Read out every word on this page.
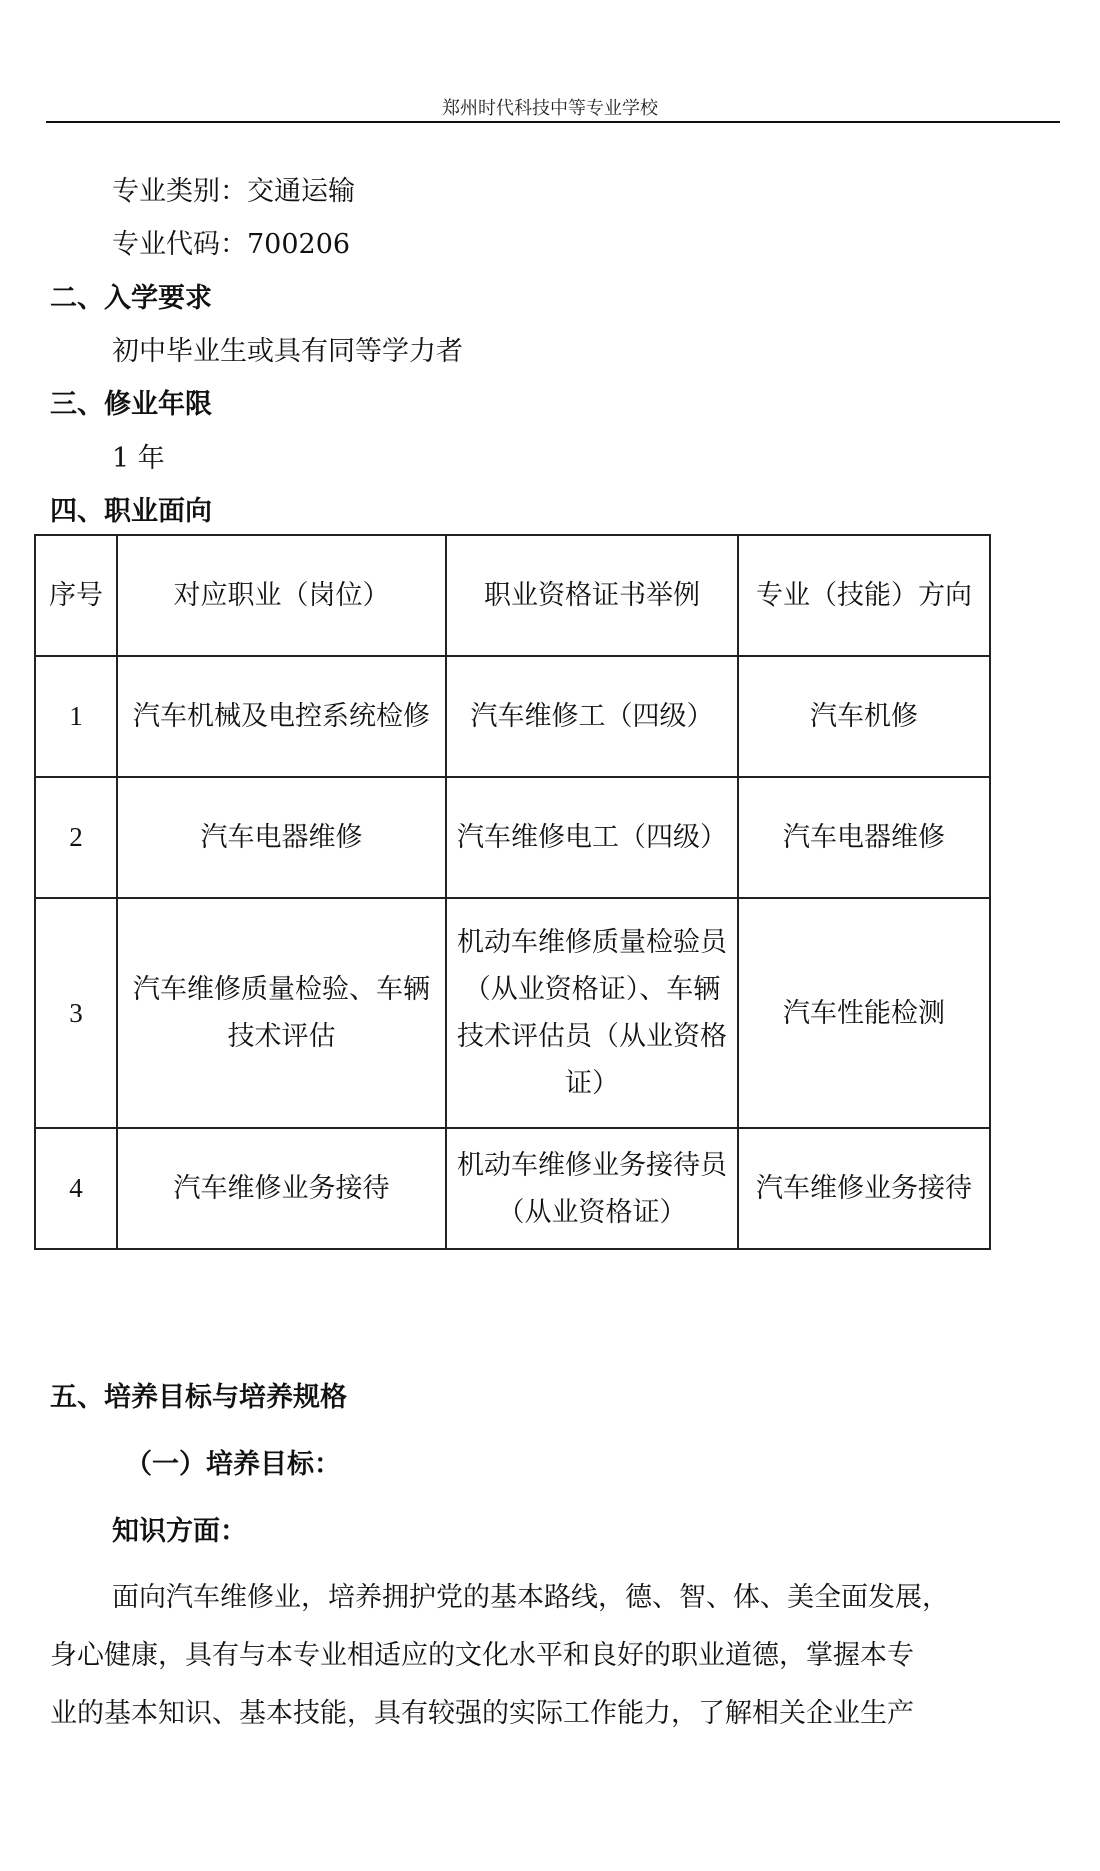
郑州时代科技中等专业学校
专业类别：交通运输
专业代码：700206
二、入学要求
初中毕业生或具有同等学力者
三、修业年限
1 年
四、职业面向
序号	对应职业（岗位）	职业资格证书举例	专业（技能）方向
1	汽车机械及电控系统检修	汽车维修工（四级）	汽车机修
2	汽车电器维修	汽车维修电工（四级）	汽车电器维修
3	汽车维修质量检验、车辆技术评估	机动车维修质量检验员（从业资格证）、车辆技术评估员（从业资格证）	汽车性能检测
4	汽车维修业务接待	机动车维修业务接待员（从业资格证）	汽车维修业务接待
五、培养目标与培养规格
（一）培养目标：
知识方面：
面向汽车维修业，培养拥护党的基本路线，德、智、体、美全面发展，
身心健康，具有与本专业相适应的文化水平和良好的职业道德，掌握本专
业的基本知识、基本技能，具有较强的实际工作能力，了解相关企业生产
